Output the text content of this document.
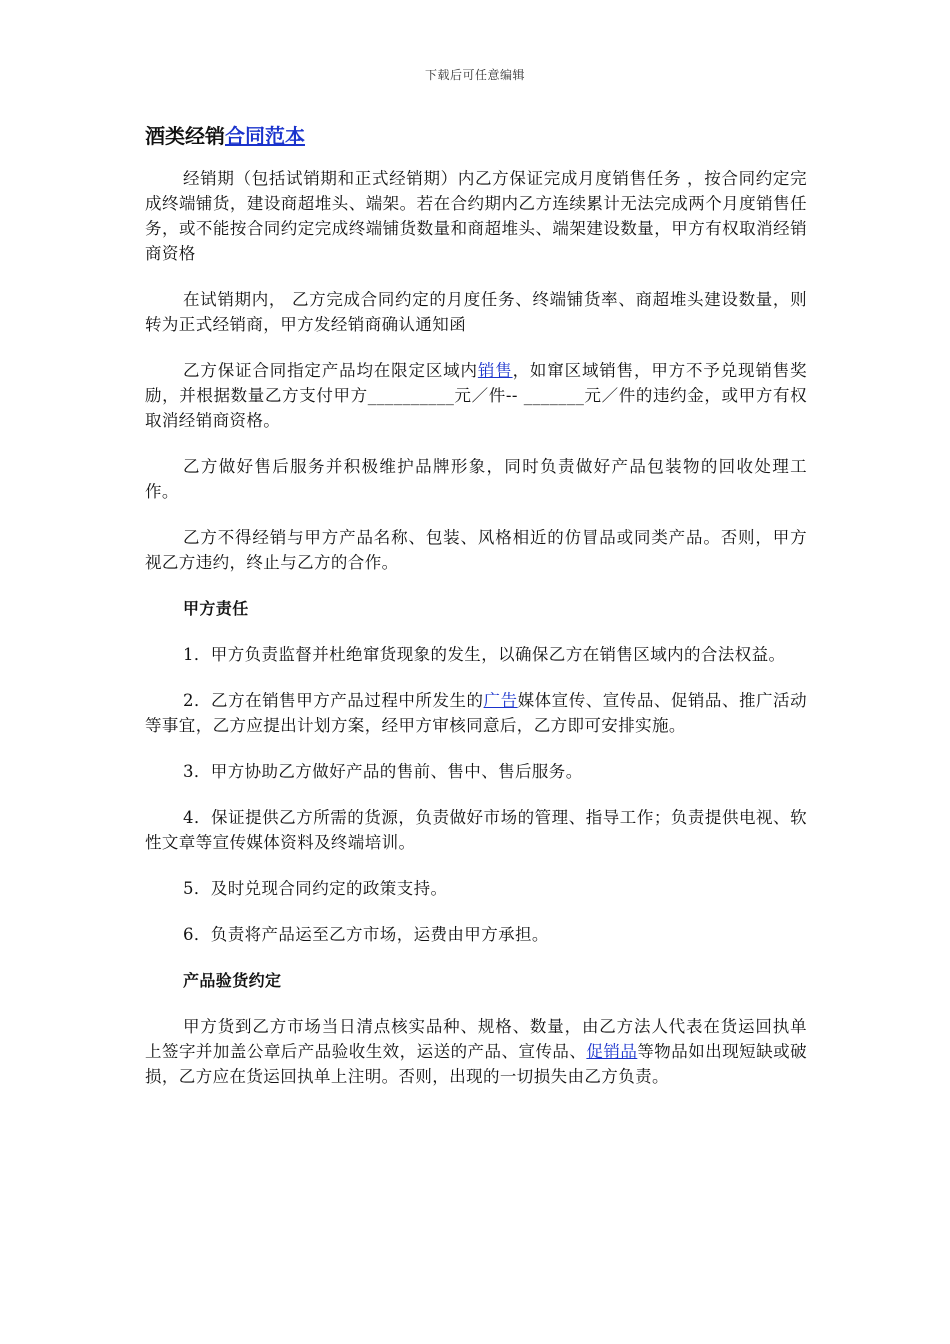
下载后可任意编辑
酒类经销合同范本

经销期（包括试销期和正式经销期）内乙方保证完成月度销售任务 ，按合同约定完成终端铺货，建设商超堆头、端架。若在合约期内乙方连续累计无法完成两个月度销售任务，或不能按合同约定完成终端铺货数量和商超堆头、端架建设数量，甲方有权取消经销商资格

在试销期内， 乙方完成合同约定的月度任务、终端铺货率、商超堆头建设数量，则转为正式经销商，甲方发经销商确认通知函

乙方保证合同指定产品均在限定区域内销售，如窜区域销售，甲方不予兑现销售奖励，并根据数量乙方支付甲方__________元／件-- _______元／件的违约金，或甲方有权取消经销商资格。

乙方做好售后服务并积极维护品牌形象，同时负责做好产品包装物的回收处理工作。

乙方不得经销与甲方产品名称、包装、风格相近的仿冒品或同类产品。否则，甲方视乙方违约，终止与乙方的合作。

甲方责任

1．甲方负责监督并杜绝窜货现象的发生，以确保乙方在销售区域内的合法权益。

2．乙方在销售甲方产品过程中所发生的广告媒体宣传、宣传品、促销品、推广活动等事宜，乙方应提出计划方案，经甲方审核同意后，乙方即可安排实施。

3．甲方协助乙方做好产品的售前、售中、售后服务。

4．保证提供乙方所需的货源，负责做好市场的管理、指导工作；负责提供电视、软性文章等宣传媒体资料及终端培训。

5．及时兑现合同约定的政策支持。

6．负责将产品运至乙方市场，运费由甲方承担。

产品验货约定

甲方货到乙方市场当日清点核实品种、规格、数量，由乙方法人代表在货运回执单上签字并加盖公章后产品验收生效，运送的产品、宣传品、促销品等物品如出现短缺或破损，乙方应在货运回执单上注明。否则，出现的一切损失由乙方负责。
